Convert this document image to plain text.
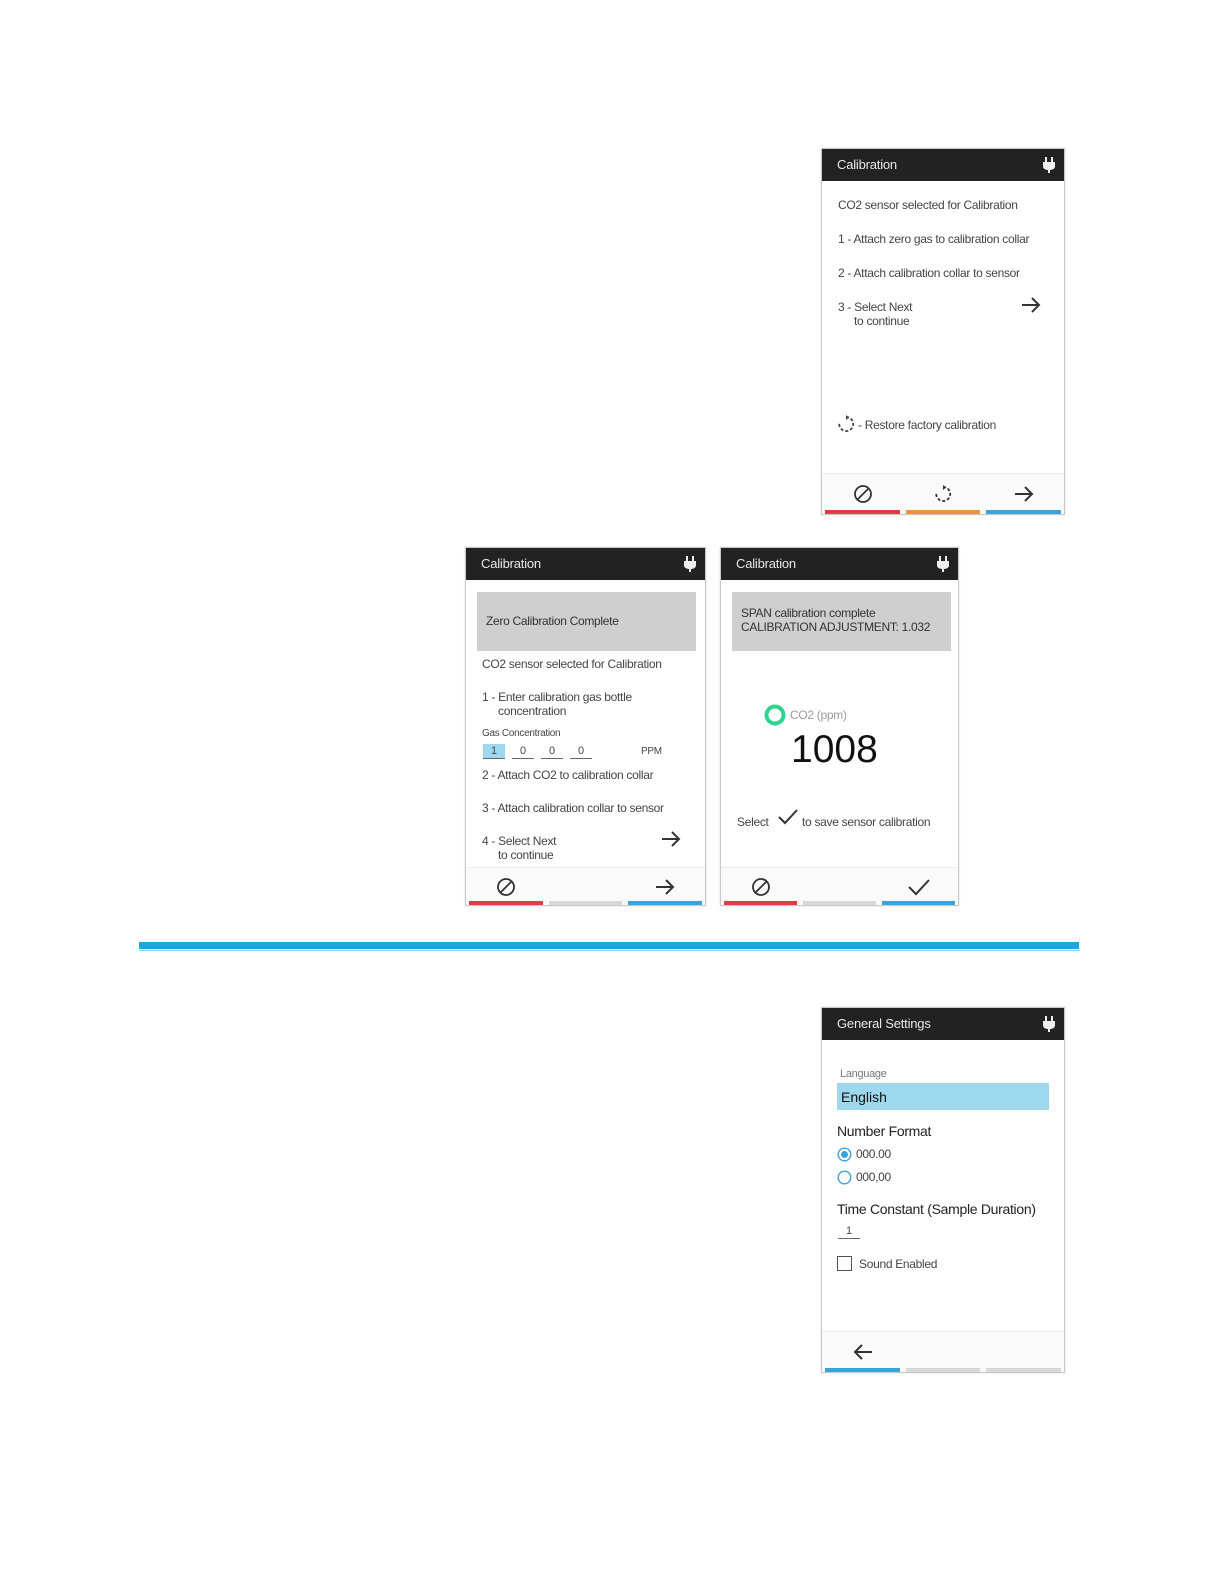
Calibration
CO2 sensor selected for Calibration
1 - Attach zero gas to calibration collar
2 - Attach calibration collar to sensor
3 - Select Next
to continue
- Restore factory calibration
Calibration
Zero Calibration Complete
CO2 sensor selected for Calibration
1 - Enter calibration gas bottle
concentration
Gas Concentration
1	0	0	0	PPM
2 - Attach CO2 to calibration collar
3 - Attach calibration collar to sensor
4 - Select Next
to continue
Calibration
SPAN calibration complete
CALIBRATION ADJUSTMENT: 1.032
CO2 (ppm)
1008
Select	to save sensor calibration
General Settings
Language
English
Number Format
000.00
000,00
Time Constant (Sample Duration)
1
Sound Enabled
